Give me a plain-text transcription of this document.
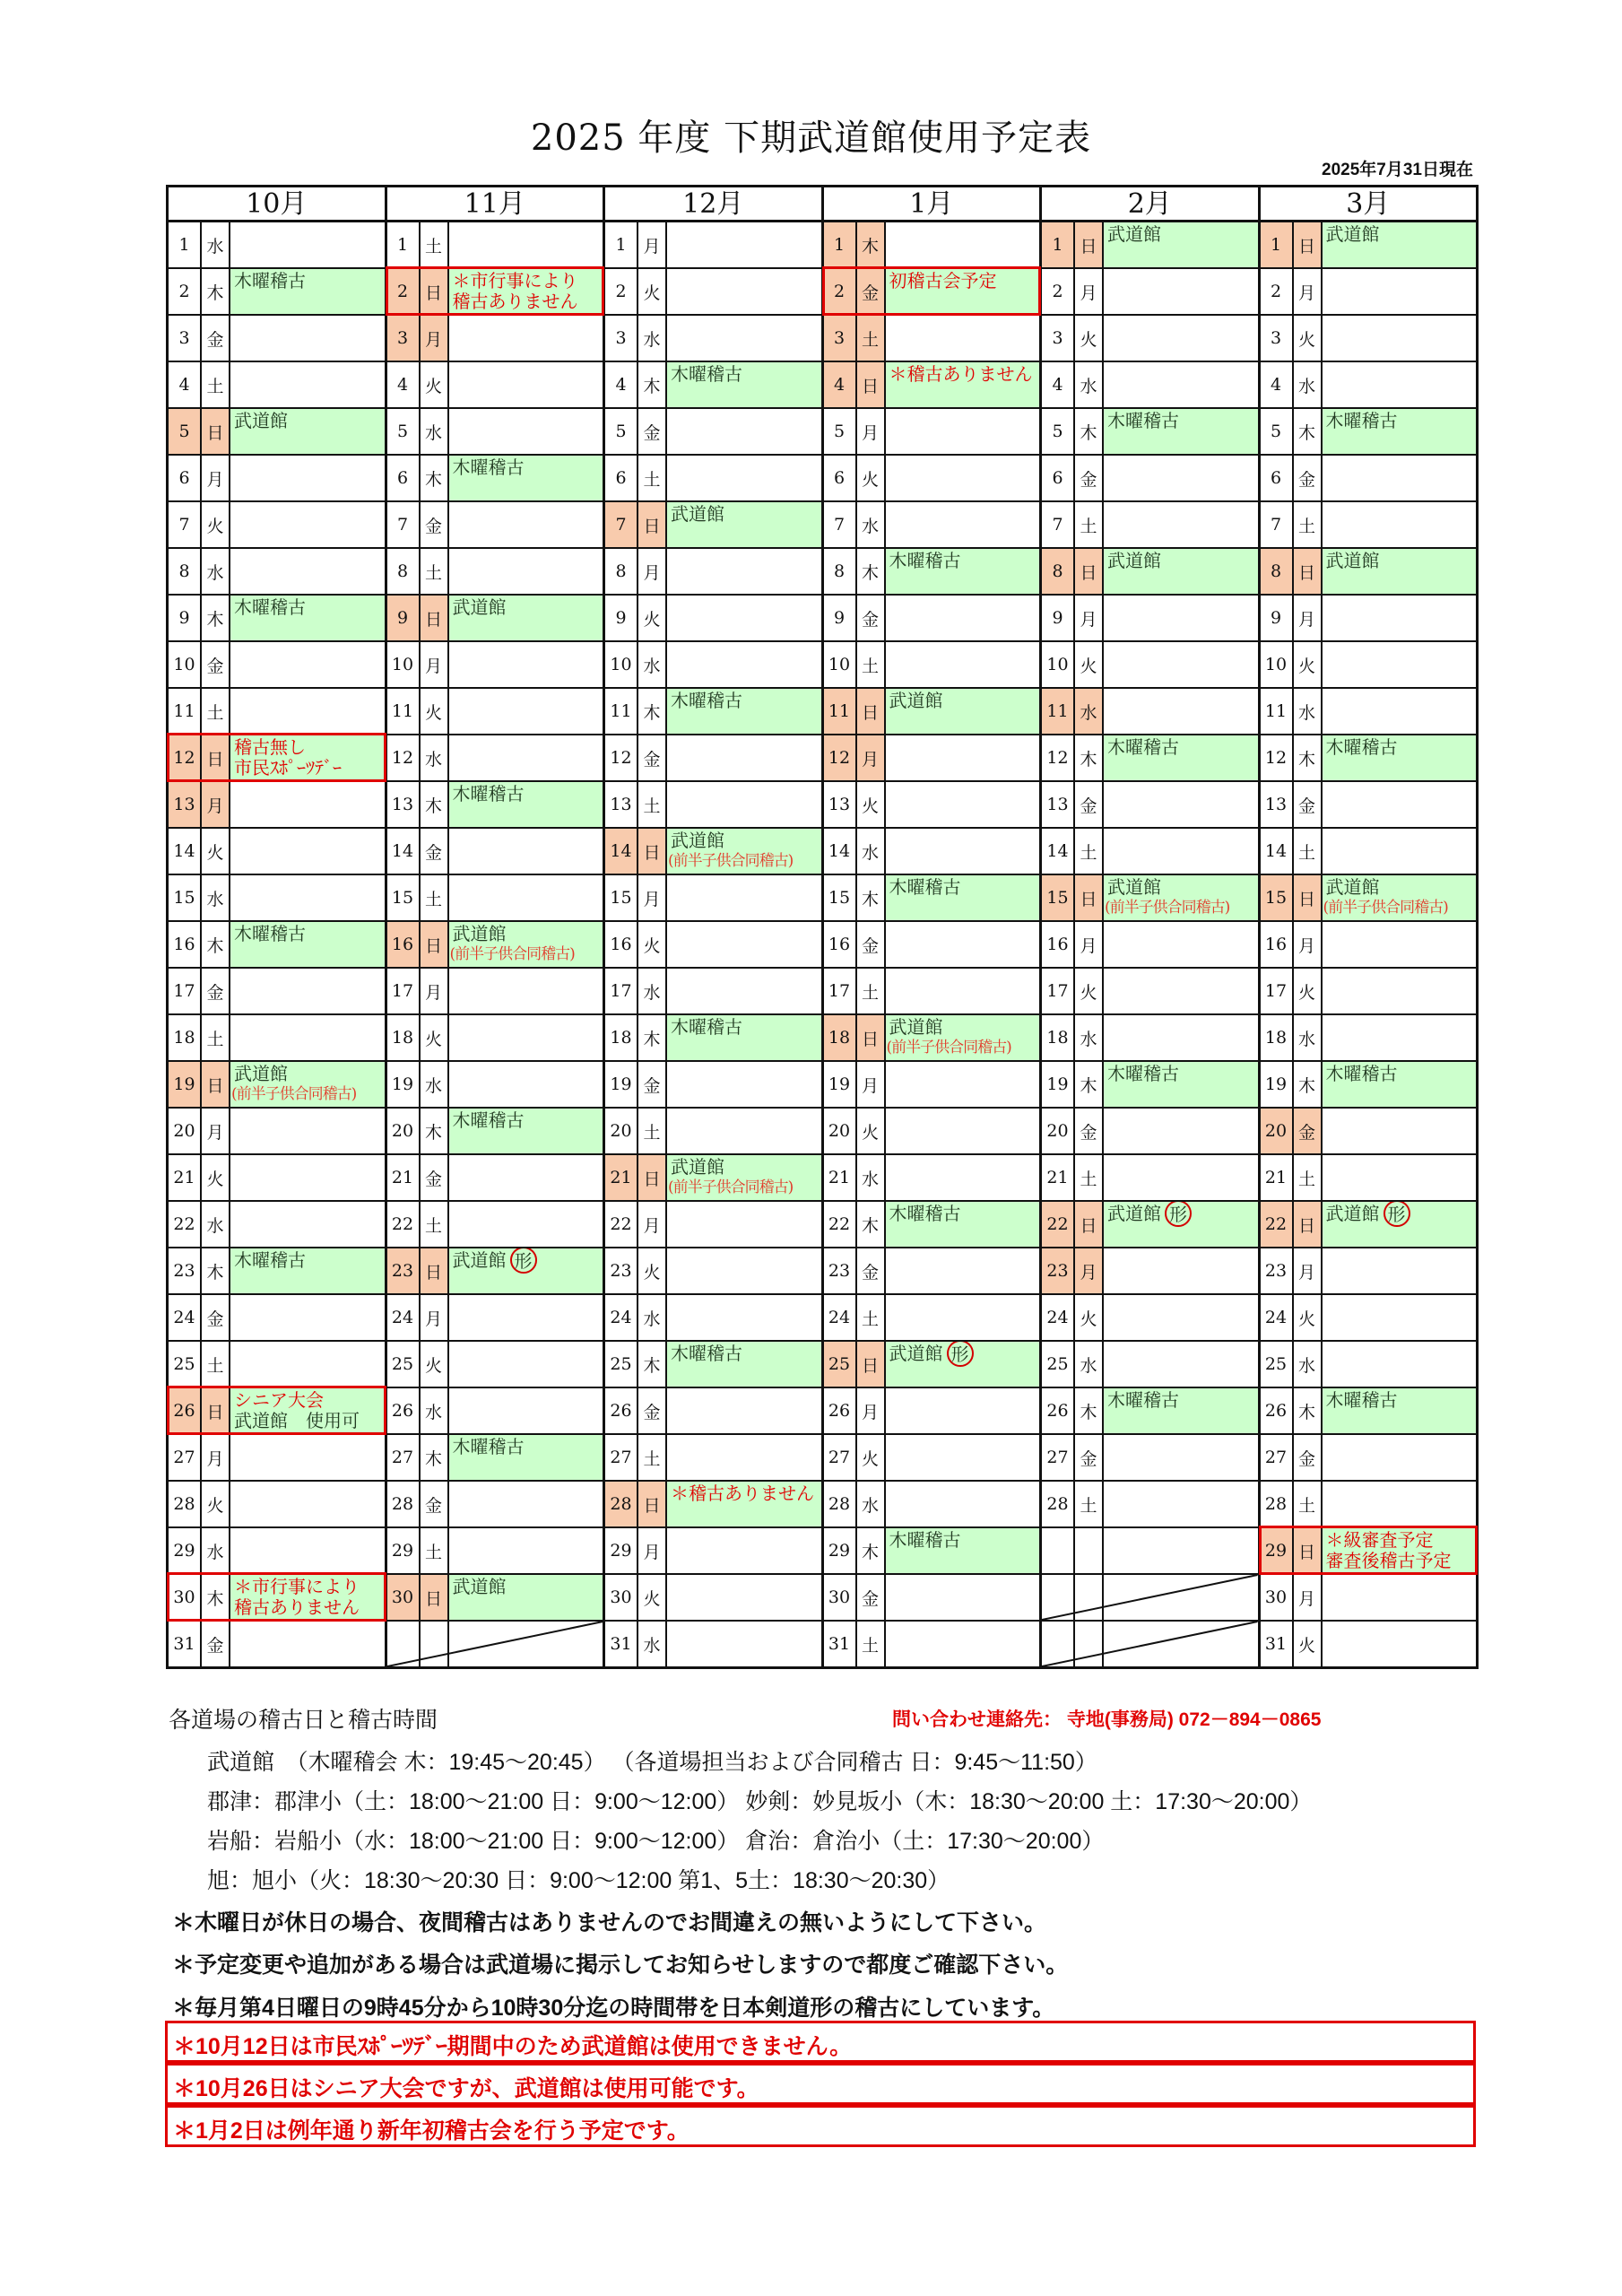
2025 年度 下期武道館使用予定表
2025年7月31日現在
10月
1 水
2 木
木曜稽古
3 金
4 土
5 日
武道館
6 月
7 火
8 水
9 木
木曜稽古
10 金
11 土
12 日
稽古無し
市民ｽﾎﾟｰﾂﾃﾞｰ
13 月
14 火
15 水
16 木
木曜稽古
17 金
18 土
19 日
武道館
(前半子供合同稽古)
20 月
21 火
22 水
23 木
木曜稽古
24 金
25 土
26 日
シニア大会
武道館　使用可
27 月
28 火
29 水
30 木
＊市行事により
稽古ありません
31 金
11月
1 土
2 日
＊市行事により
稽古ありません
3 月
4 火
5 水
6 木
木曜稽古
7 金
8 土
9 日
武道館
10 月
11 火
12 水
13 木
木曜稽古
14 金
15 土
16 日
武道館
(前半子供合同稽古)
17 月
18 火
19 水
20 木
木曜稽古
21 金
22 土
23 日
武道館 形
24 月
25 火
26 水
27 木
木曜稽古
28 金
29 土
30 日
武道館
12月
1 月
2 火
3 水
4 木
木曜稽古
5 金
6 土
7 日
武道館
8 月
9 火
10 水
11 木
木曜稽古
12 金
13 土
14 日
武道館
(前半子供合同稽古)
15 月
16 火
17 水
18 木
木曜稽古
19 金
20 土
21 日
武道館
(前半子供合同稽古)
22 月
23 火
24 水
25 木
木曜稽古
26 金
27 土
28 日
＊稽古ありません
29 月
30 火
31 水
1月
1 木
2 金
初稽古会予定
3 土
4 日
＊稽古ありません
5 月
6 火
7 水
8 木
木曜稽古
9 金
10 土
11 日
武道館
12 月
13 火
14 水
15 木
木曜稽古
16 金
17 土
18 日
武道館
(前半子供合同稽古)
19 月
20 火
21 水
22 木
木曜稽古
23 金
24 土
25 日
武道館 形
26 月
27 火
28 水
29 木
木曜稽古
30 金
31 土
2月
1 日
武道館
2 月
3 火
4 水
5 木
木曜稽古
6 金
7 土
8 日
武道館
9 月
10 火
11 水
12 木
木曜稽古
13 金
14 土
15 日
武道館
(前半子供合同稽古)
16 月
17 火
18 水
19 木
木曜稽古
20 金
21 土
22 日
武道館 形
23 月
24 火
25 水
26 木
木曜稽古
27 金
28 土
3月
1 日
武道館
2 月
3 火
4 水
5 木
木曜稽古
6 金
7 土
8 日
武道館
9 月
10 火
11 水
12 木
木曜稽古
13 金
14 土
15 日
武道館
(前半子供合同稽古)
16 月
17 火
18 水
19 木
木曜稽古
20 金
21 土
22 日
武道館 形
23 月
24 火
25 水
26 木
木曜稽古
27 金
28 土
29 日
＊級審査予定
審査後稽古予定
30 月
31 火
各道場の稽古日と稽古時間	問い合わせ連絡先： 寺地(事務局) 072－894－0865
武道館　（木曜稽会 木：19:45～20:45） （各道場担当および合同稽古 日：9:45～11:50）
郡津：郡津小（土：18:00～21:00 日：9:00～12:00） 妙剣：妙見坂小（木：18:30～20:00 土：17:30～20:00）
岩船：岩船小（水：18:00～21:00 日：9:00～12:00） 倉治：倉治小（土：17:30～20:00）
旭：旭小（火：18:30～20:30 日：9:00～12:00 第1、5土：18:30～20:30）
＊木曜日が休日の場合、夜間稽古はありませんのでお間違えの無いようにして下さい。
＊予定変更や追加がある場合は武道場に掲示してお知らせしますので都度ご確認下さい。
＊毎月第4日曜日の9時45分から10時30分迄の時間帯を日本剣道形の稽古にしています。
＊10月12日は市民ｽﾎﾟｰﾂﾃﾞｰ期間中のため武道館は使用できません。
＊10月26日はシニア大会ですが、武道館は使用可能です。
＊1月2日は例年通り新年初稽古会を行う予定です。
